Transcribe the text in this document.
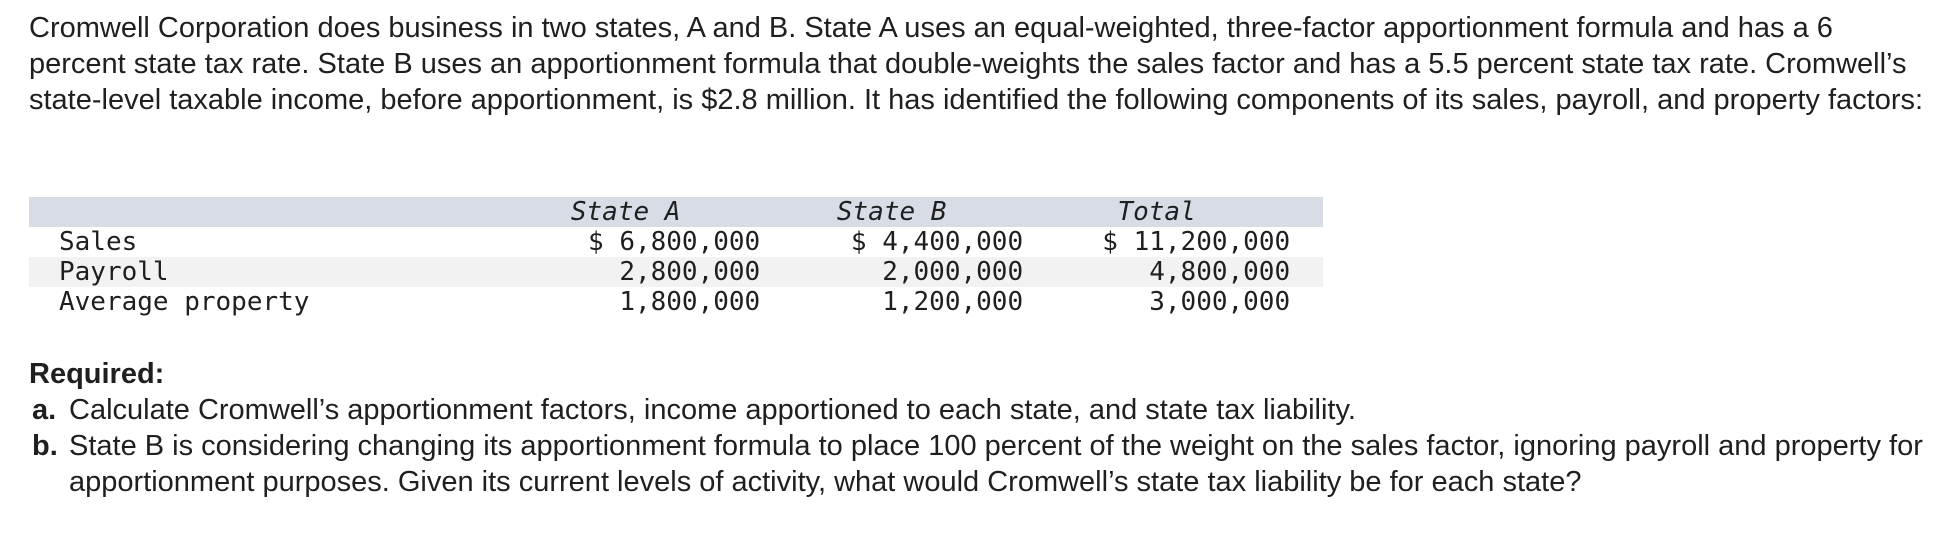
Cromwell Corporation does business in two states, A and B. State A uses an equal-weighted, three-factor apportionment formula and has a 6 percent state tax rate. State B uses an apportionment formula that double-weights the sales factor and has a 5.5 percent state tax rate. Cromwell’s state-level taxable income, before apportionment, is $2.8 million. It has identified the following components of its sales, payroll, and property factors:

	State A	State B	Total	
Sales	$ 6,800,000	$ 4,400,000	$ 11,200,000	
Payroll	2,800,000	2,000,000	4,800,000	
Average property	1,800,000	1,200,000	3,000,000	

Required:

a. Calculate Cromwell’s apportionment factors, income apportioned to each state, and state tax liability.
b. State B is considering changing its apportionment formula to place 100 percent of the weight on the sales factor, ignoring payroll and property for apportionment purposes. Given its current levels of activity, what would Cromwell’s state tax liability be for each state?
